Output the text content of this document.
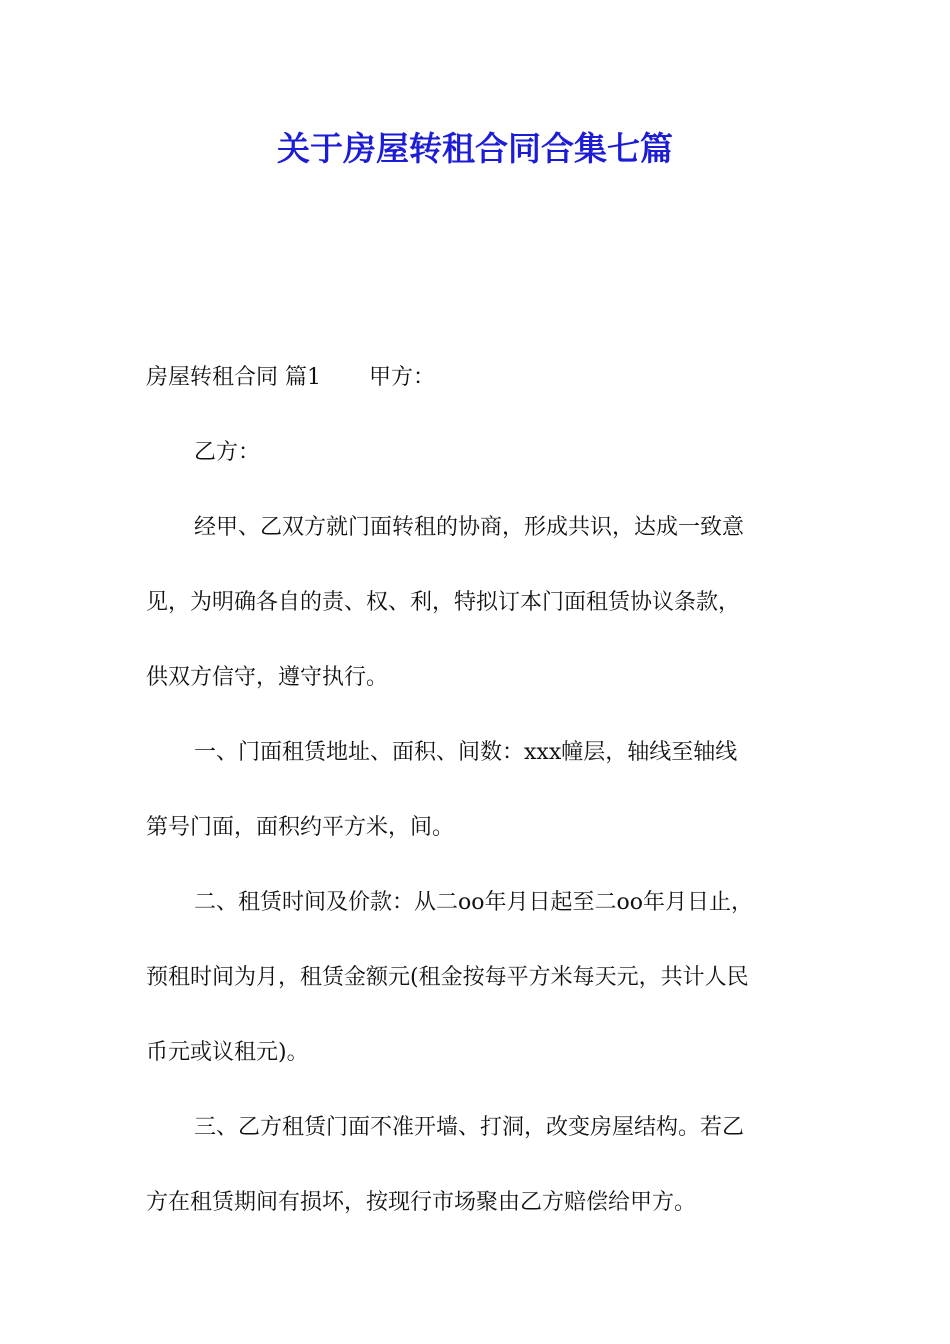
关于房屋转租合同合集七篇

房屋转租合同 篇1 甲方：

乙方：

经甲、乙双方就门面转租的协商，形成共识，达成一致意

见，为明确各自的责、权、利，特拟订本门面租赁协议条款，

供双方信守，遵守执行。

一、门面租赁地址、面积、间数：xxx幢层，轴线至轴线

第号门面，面积约平方米，间。

二、租赁时间及价款：从二oo年月日起至二oo年月日止，

预租时间为月，租赁金额元(租金按每平方米每天元，共计人民

币元或议租元)。

三、乙方租赁门面不准开墙、打洞，改变房屋结构。若乙

方在租赁期间有损坏，按现行市场聚由乙方赔偿给甲方。
